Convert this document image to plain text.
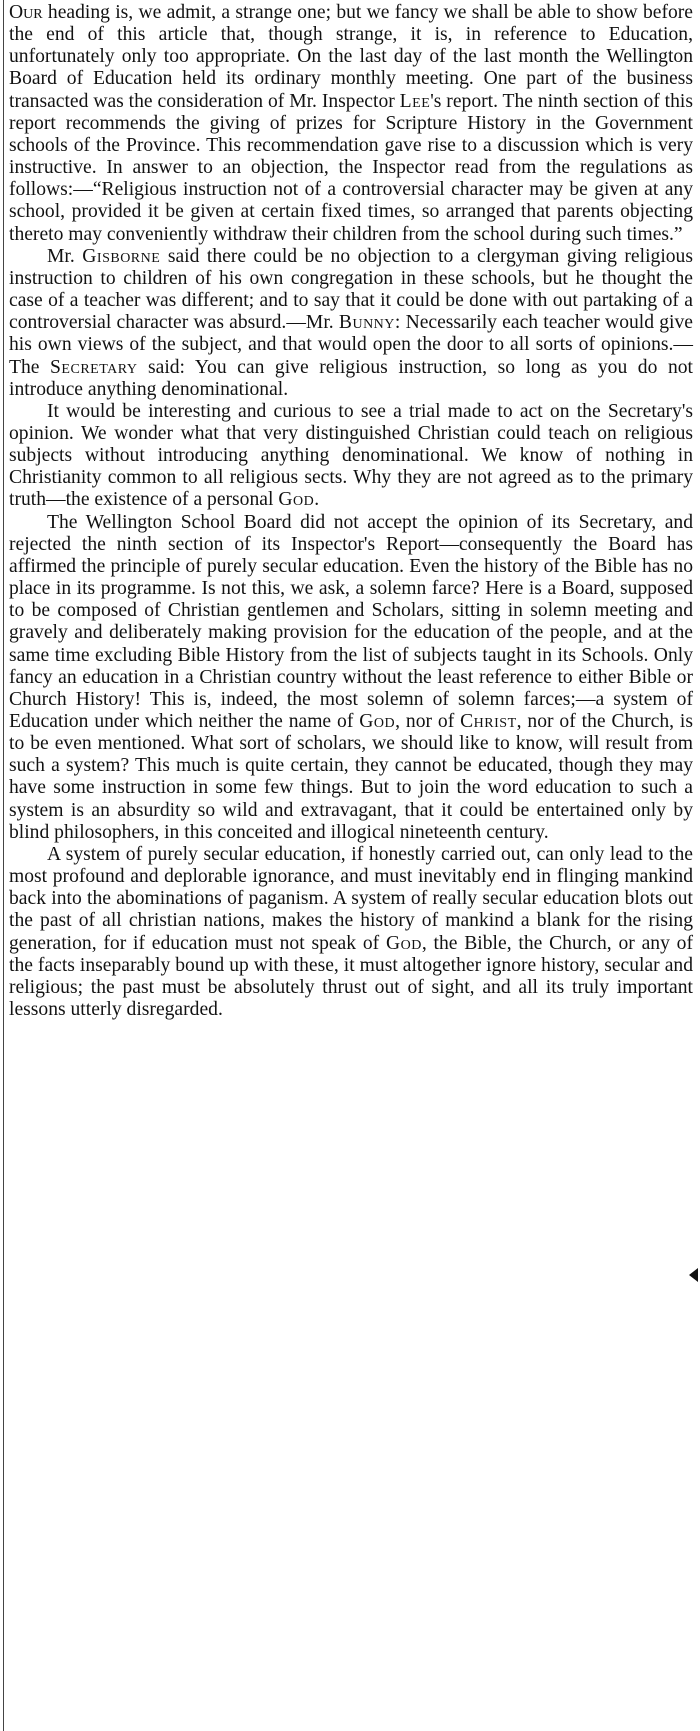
Our heading is, we admit, a strange one; but we fancy we shall be able to show before the end of this article that, though strange, it is, in reference to Education, unfortunately only too appropriate. On the last day of the last month the Wellington Board of Education held its ordinary monthly meeting. One part of the business transacted was the consideration of Mr. Inspector Lee's report. The ninth section of this report recommends the giving of prizes for Scripture History in the Government schools of the Province. This recommendation gave rise to a discussion which is very instructive. In answer to an objection, the Inspector read from the regulations as follows:—“Religious instruction not of a controversial character may be given at any school, provided it be given at certain fixed times, so arranged that parents objecting thereto may conveniently withdraw their children from the school during such times.”

Mr. Gisborne said there could be no objection to a clergyman giving religious instruction to children of his own congregation in these schools, but he thought the case of a teacher was different; and to say that it could be done with out partaking of a controversial character was absurd.—Mr. Bunny: Necessarily each teacher would give his own views of the subject, and that would open the door to all sorts of opinions.—The Secretary said: You can give religious instruction, so long as you do not introduce anything denominational.

It would be interesting and curious to see a trial made to act on the Secretary's opinion. We wonder what that very distinguished Christian could teach on religious subjects without introducing anything denominational. We know of nothing in Christianity common to all religious sects. Why they are not agreed as to the primary truth—the existence of a personal God.

The Wellington School Board did not accept the opinion of its Secretary, and rejected the ninth section of its Inspector's Report—consequently the Board has affirmed the principle of purely secular education. Even the history of the Bible has no place in its programme. Is not this, we ask, a solemn farce? Here is a Board, supposed to be composed of Christian gentlemen and Scholars, sitting in solemn meeting and gravely and deliberately making provision for the education of the people, and at the same time excluding Bible History from the list of subjects taught in its Schools. Only fancy an education in a Christian country without the least reference to either Bible or Church History! This is, indeed, the most solemn of solemn farces;—a system of Education under which neither the name of God, nor of Christ, nor of the Church, is to be even mentioned. What sort of scholars, we should like to know, will result from such a system? This much is quite certain, they cannot be educated, though they may have some instruction in some few things. But to join the word education to such a system is an absurdity so wild and extravagant, that it could be entertained only by blind philosophers, in this conceited and illogical nineteenth century.

A system of purely secular education, if honestly carried out, can only lead to the most profound and deplorable ignorance, and must inevitably end in flinging mankind back into the abominations of paganism. A system of really secular education blots out the past of all christian nations, makes the history of mankind a blank for the rising generation, for if education must not speak of God, the Bible, the Church, or any of the facts inseparably bound up with these, it must altogether ignore history, secular and religious; the past must be absolutely thrust out of sight, and all its truly important lessons utterly disregarded.
